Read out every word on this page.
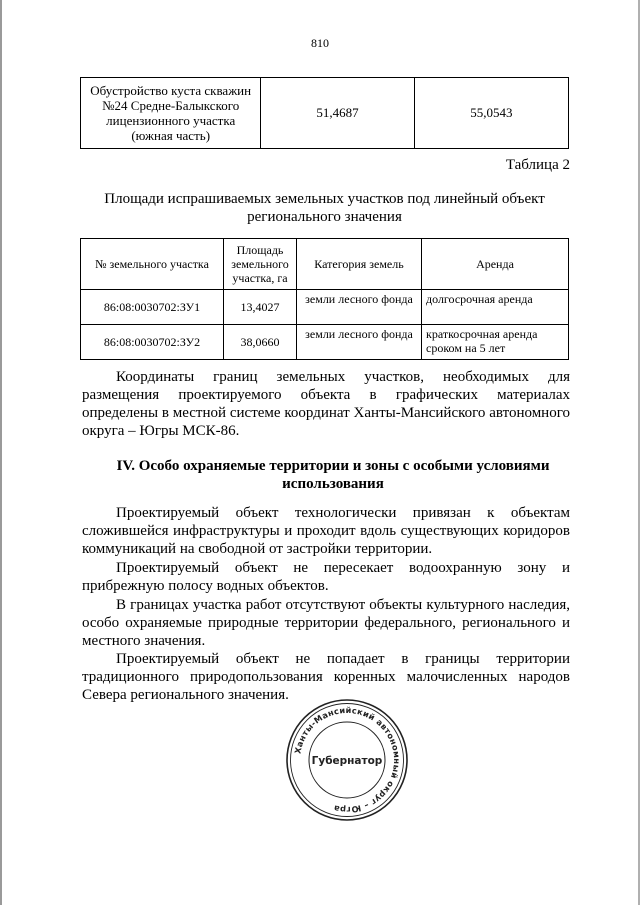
810
Обустройство куста скважин №24 Средне-Балыкского лицензионного участка (южная часть)	51,4687	55,0543
Таблица 2
Площади испрашиваемых земельных участков под линейный объект регионального значения
№ земельного участка	Площадь земельного участка, га	Категория земель	Аренда
86:08:0030702:ЗУ1	13,4027	земли лесного фонда	долгосрочная аренда
86:08:0030702:ЗУ2	38,0660	земли лесного фонда	краткосрочная аренда сроком на 5 лет
Координаты границ земельных участков, необходимых для размещения проектируемого объекта в графических материалах определены в местной системе координат Ханты-Мансийского автономного округа – Югры МСК-86.
IV. Особо охраняемые территории и зоны с особыми условиями использования
Проектируемый объект технологически привязан к объектам сложившейся инфраструктуры и проходит вдоль существующих коридоров коммуникаций на свободной от застройки территории.
Проектируемый объект не пересекает водоохранную зону и прибрежную полосу водных объектов.
В границах участка работ отсутствуют объекты культурного наследия, особо охраняемые природные территории федерального, регионального и местного значения.
Проектируемый объект не попадает в границы территории традиционного природопользования коренных малочисленных народов Севера регионального значения.
Ханты-Мансийский автономный округ – Югра
Губернатор
